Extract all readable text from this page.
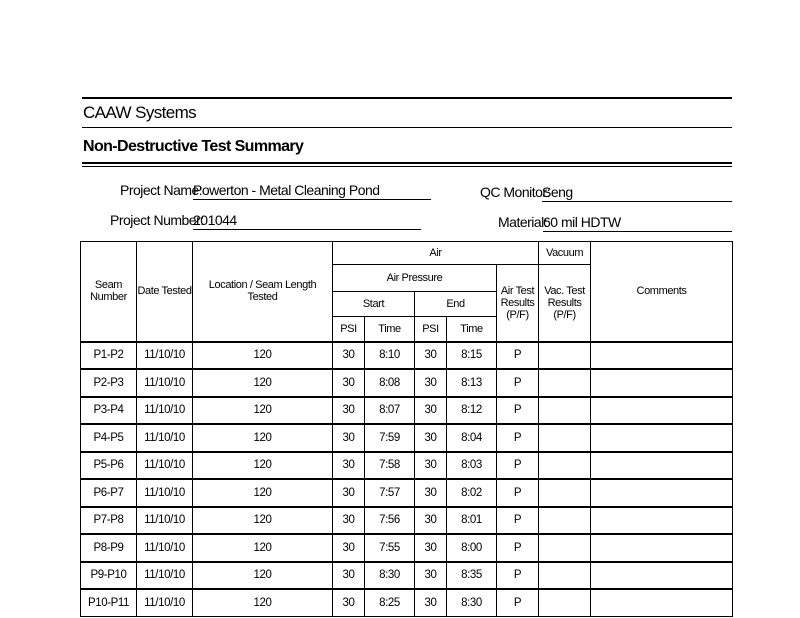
CAAW Systems
Non-Destructive Test Summary
Project Name:
Powerton - Metal Cleaning Pond	QC Monitor:
Seng
Project Number:
201044	Material:
60 mil HDTW
Seam Number	Date Tested	Location / Seam Length Tested	Air					Vacuum	Comments
			Air Pressure				Air Test Results (P/F)	Vac. Test Results (P/F)	
			Start		End				
			PSI	Time	PSI	Time			
P1-P2	11/10/10	120	30	8:10	30	8:15	P		
P2-P3	11/10/10	120	30	8:08	30	8:13	P		
P3-P4	11/10/10	120	30	8:07	30	8:12	P		
P4-P5	11/10/10	120	30	7:59	30	8:04	P		
P5-P6	11/10/10	120	30	7:58	30	8:03	P		
P6-P7	11/10/10	120	30	7:57	30	8:02	P		
P7-P8	11/10/10	120	30	7:56	30	8:01	P		
P8-P9	11/10/10	120	30	7:55	30	8:00	P		
P9-P10	11/10/10	120	30	8:30	30	8:35	P		
P10-P11	11/10/10	120	30	8:25	30	8:30	P		
